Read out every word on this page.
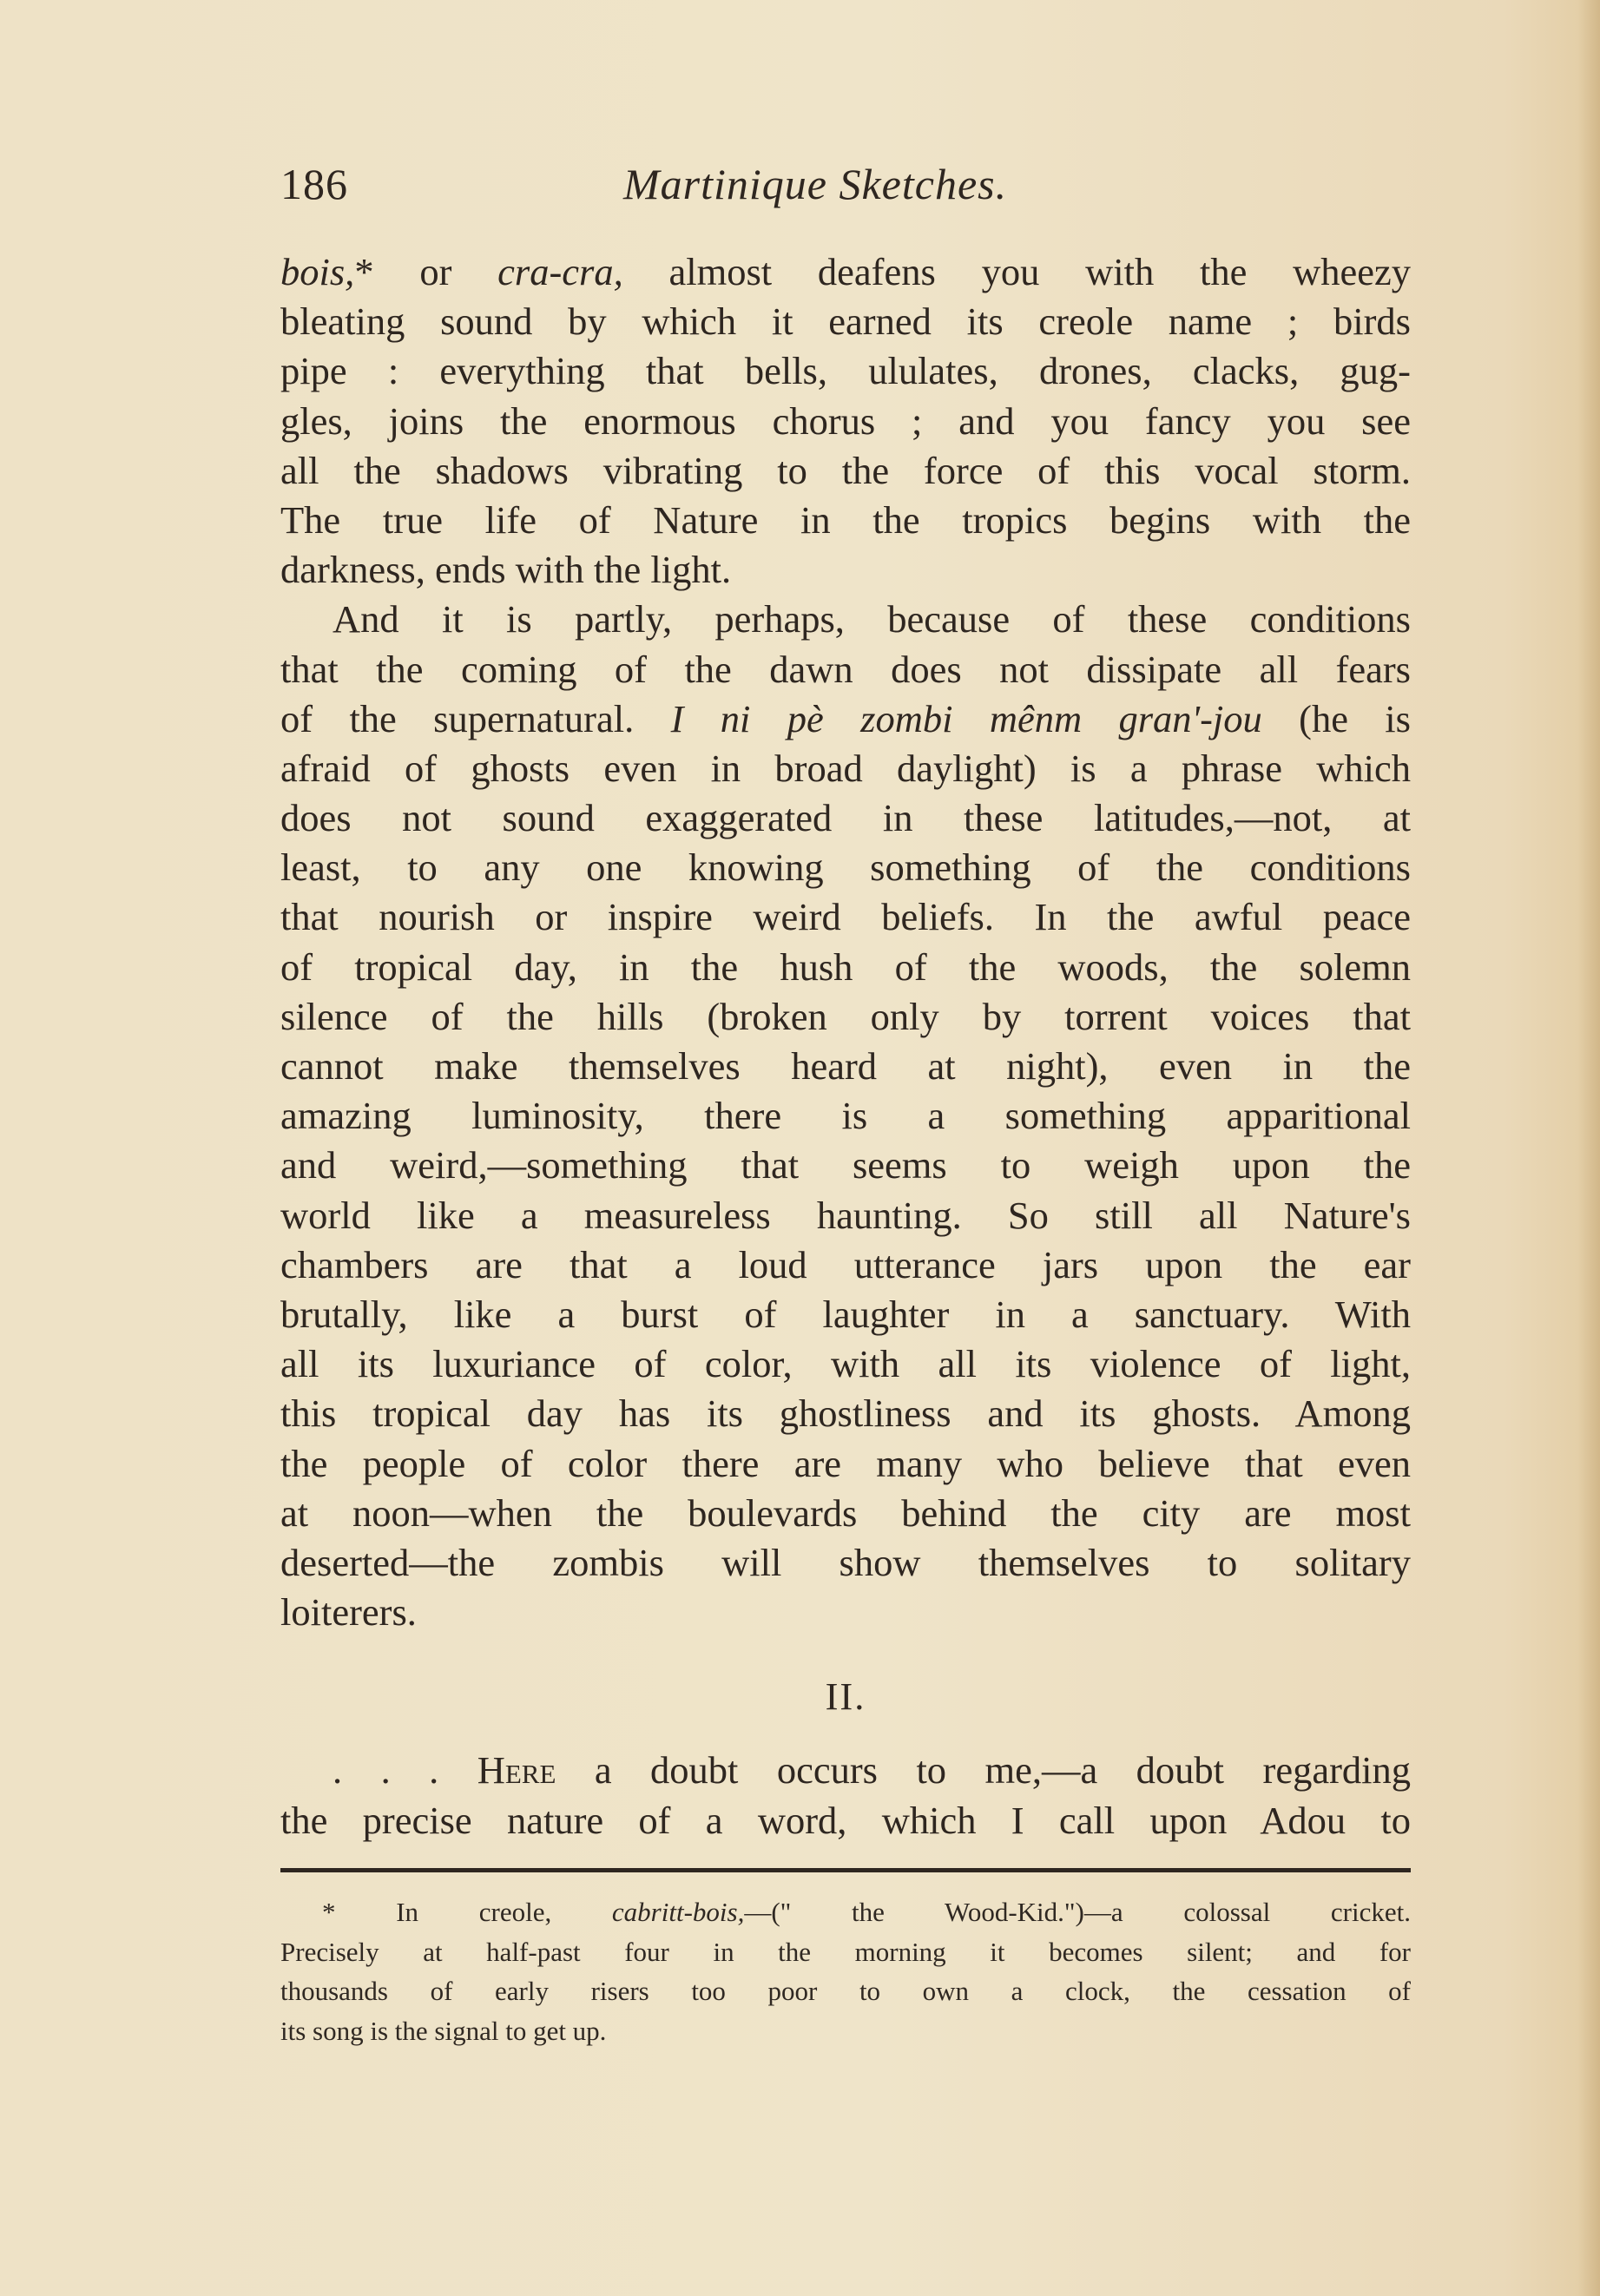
186	Martinique Sketches.
bois,* or cra-cra, almost deafens you with the wheezy
bleating sound by which it earned its creole name ; birds
pipe : everything that bells, ululates, drones, clacks, gug-
gles, joins the enormous chorus ; and you fancy you see
all the shadows vibrating to the force of this vocal storm.
The true life of Nature in the tropics begins with the
darkness, ends with the light.
And it is partly, perhaps, because of these conditions
that the coming of the dawn does not dissipate all fears
of the supernatural. I ni pè zombi mênm gran'-jou (he is
afraid of ghosts even in broad daylight) is a phrase which
does not sound exaggerated in these latitudes,—not, at
least, to any one knowing something of the conditions
that nourish or inspire weird beliefs. In the awful peace
of tropical day, in the hush of the woods, the solemn
silence of the hills (broken only by torrent voices that
cannot make themselves heard at night), even in the
amazing luminosity, there is a something apparitional
and weird,—something that seems to weigh upon the
world like a measureless haunting. So still all Nature's
chambers are that a loud utterance jars upon the ear
brutally, like a burst of laughter in a sanctuary. With
all its luxuriance of color, with all its violence of light,
this tropical day has its ghostliness and its ghosts. Among
the people of color there are many who believe that even
at noon—when the boulevards behind the city are most
deserted—the zombis will show themselves to solitary
loiterers.
II.
. . . Here a doubt occurs to me,—a doubt regarding
the precise nature of a word, which I call upon Adou to
* In creole, cabritt-bois,—(" the Wood-Kid.")—a colossal cricket.
Precisely at half-past four in the morning it becomes silent; and for
thousands of early risers too poor to own a clock, the cessation of
its song is the signal to get up.
